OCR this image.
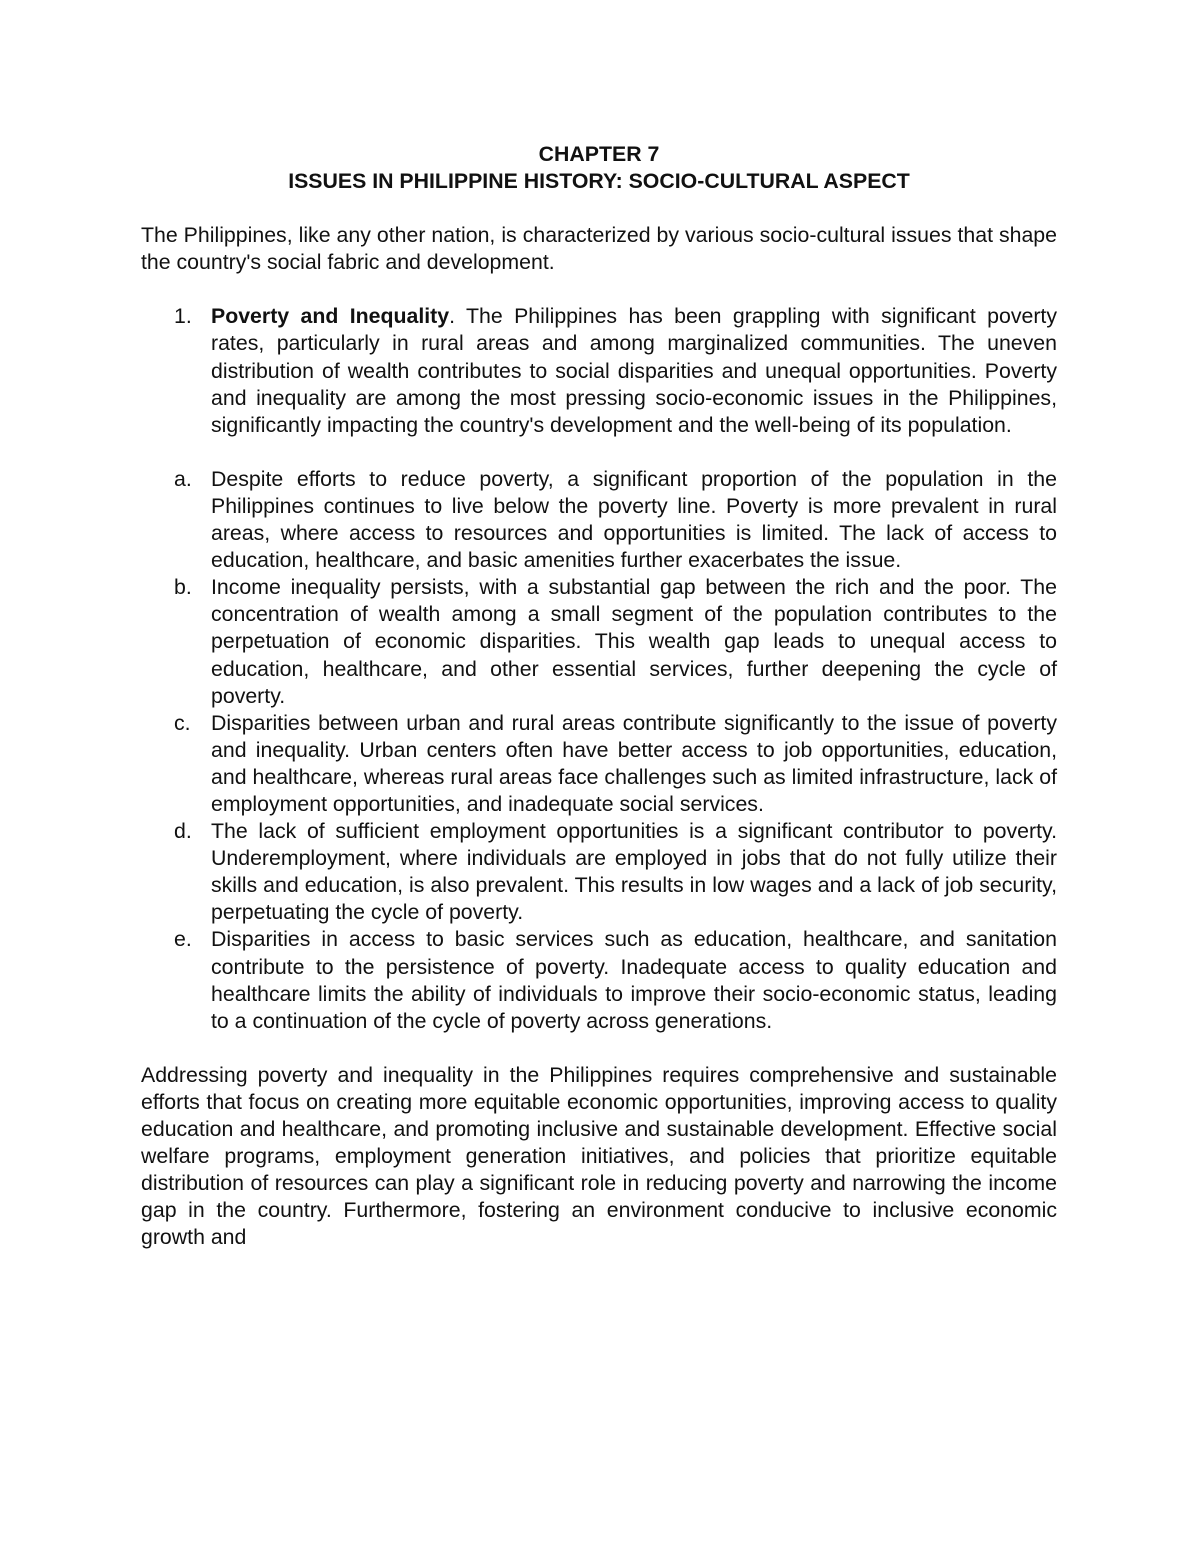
CHAPTER 7
ISSUES IN PHILIPPINE HISTORY: SOCIO-CULTURAL ASPECT

The Philippines, like any other nation, is characterized by various socio-cultural issues that shape the country's social fabric and development.

1. Poverty and Inequality. The Philippines has been grappling with significant poverty rates, particularly in rural areas and among marginalized communities. The uneven distribution of wealth contributes to social disparities and unequal opportunities. Poverty and inequality are among the most pressing socio-economic issues in the Philippines, significantly impacting the country's development and the well-being of its population.
a. Despite efforts to reduce poverty, a significant proportion of the population in the Philippines continues to live below the poverty line. Poverty is more prevalent in rural areas, where access to resources and opportunities is limited. The lack of access to education, healthcare, and basic amenities further exacerbates the issue.
b. Income inequality persists, with a substantial gap between the rich and the poor. The concentration of wealth among a small segment of the population contributes to the perpetuation of economic disparities. This wealth gap leads to unequal access to education, healthcare, and other essential services, further deepening the cycle of poverty.
c. Disparities between urban and rural areas contribute significantly to the issue of poverty and inequality. Urban centers often have better access to job opportunities, education, and healthcare, whereas rural areas face challenges such as limited infrastructure, lack of employment opportunities, and inadequate social services.
d. The lack of sufficient employment opportunities is a significant contributor to poverty. Underemployment, where individuals are employed in jobs that do not fully utilize their skills and education, is also prevalent. This results in low wages and a lack of job security, perpetuating the cycle of poverty.
e. Disparities in access to basic services such as education, healthcare, and sanitation contribute to the persistence of poverty. Inadequate access to quality education and healthcare limits the ability of individuals to improve their socio-economic status, leading to a continuation of the cycle of poverty across generations.

Addressing poverty and inequality in the Philippines requires comprehensive and sustainable efforts that focus on creating more equitable economic opportunities, improving access to quality education and healthcare, and promoting inclusive and sustainable development. Effective social welfare programs, employment generation initiatives, and policies that prioritize equitable distribution of resources can play a significant role in reducing poverty and narrowing the income gap in the country. Furthermore, fostering an environment conducive to inclusive economic growth and
